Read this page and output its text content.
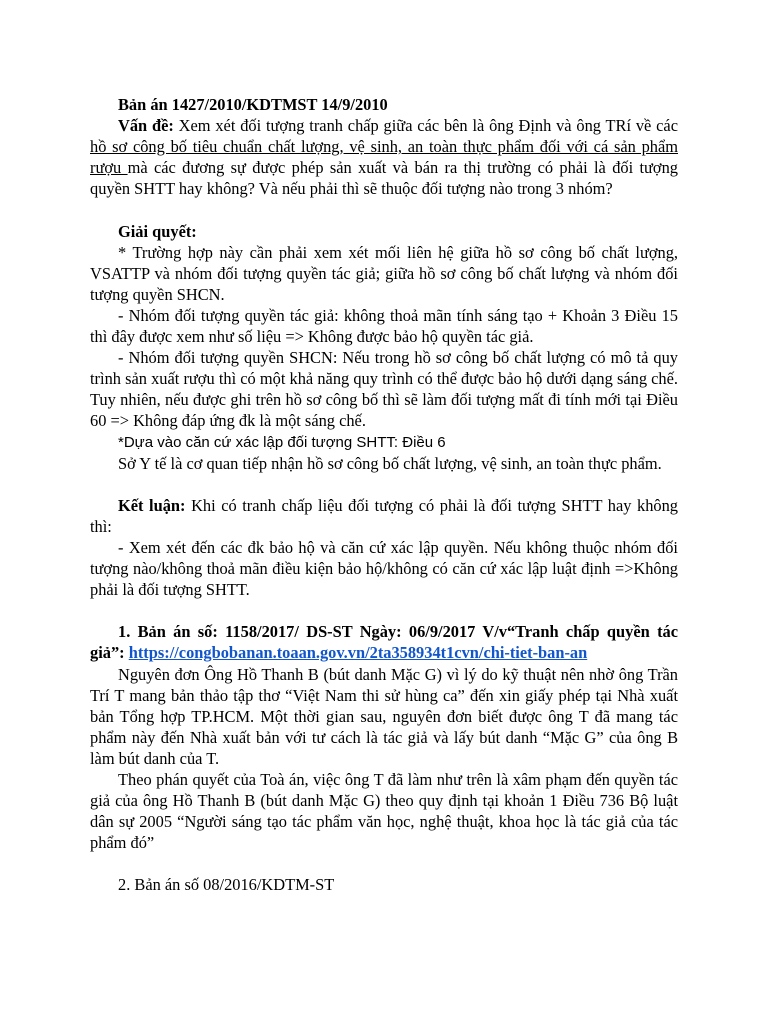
Bản án 1427/2010/KDTMST 14/9/2010

Vấn đề: Xem xét đối tượng tranh chấp giữa các bên là ông Định và ông TRí về các hồ sơ công bố tiêu chuẩn chất lượng, vệ sinh, an toàn thực phẩm đối với cá sản phẩm rượu mà các đương sự được phép sản xuất và bán ra thị trường có phải là đối tượng quyền SHTT hay không? Và nếu phải thì sẽ thuộc đối tượng nào trong 3 nhóm?

Giải quyết:

* Trường hợp này cần phải xem xét mối liên hệ giữa hồ sơ công bố chất lượng, VSATTP và nhóm đối tượng quyền tác giả; giữa hồ sơ công bố chất lượng và nhóm đối tượng quyền SHCN.

- Nhóm đối tượng quyền tác giả: không thoả mãn tính sáng tạo + Khoản 3 Điều 15 thì đây được xem như số liệu => Không được bảo hộ quyền tác giả.

- Nhóm đối tượng quyền SHCN: Nếu trong hồ sơ công bố chất lượng có mô tả quy trình sản xuất rượu thì có một khả năng quy trình có thể được bảo hộ dưới dạng sáng chế. Tuy nhiên, nếu được ghi trên hồ sơ công bố thì sẽ làm đối tượng mất đi tính mới tại Điều 60 => Không đáp ứng đk là một sáng chế.

*Dựa vào căn cứ xác lập đối tượng SHTT: Điều 6

Sở Y tế là cơ quan tiếp nhận hồ sơ công bố chất lượng, vệ sinh, an toàn thực phẩm.

Kết luận: Khi có tranh chấp liệu đối tượng có phải là đối tượng SHTT hay không thì:

- Xem xét đến các đk bảo hộ và căn cứ xác lập quyền. Nếu không thuộc nhóm đối tượng nào/không thoả mãn điều kiện bảo hộ/không có căn cứ xác lập luật định =>Không phải là đối tượng SHTT.

1. Bản án số: 1158/2017/ DS-ST Ngày: 06/9/2017 V/v“Tranh chấp quyền tác giả”: https://congbobanan.toaan.gov.vn/2ta358934t1cvn/chi-tiet-ban-an

Nguyên đơn Ông Hồ Thanh B (bút danh Mặc G) vì lý do kỹ thuật nên nhờ ông Trần Trí T mang bản thảo tập thơ “Việt Nam thi sử hùng ca” đến xin giấy phép tại Nhà xuất bản Tổng hợp TP.HCM. Một thời gian sau, nguyên đơn biết được ông T đã mang tác phẩm này đến Nhà xuất bản với tư cách là tác giả và lấy bút danh “Mặc G” của ông B làm bút danh của T.

Theo phán quyết của Toà án, việc ông T đã làm như trên là xâm phạm đến quyền tác giả của ông Hồ Thanh B (bút danh Mặc G) theo quy định tại khoản 1 Điều 736 Bộ luật dân sự 2005 “Người sáng tạo tác phẩm văn học, nghệ thuật, khoa học là tác giả của tác phẩm đó”

2. Bản án số 08/2016/KDTM-ST
